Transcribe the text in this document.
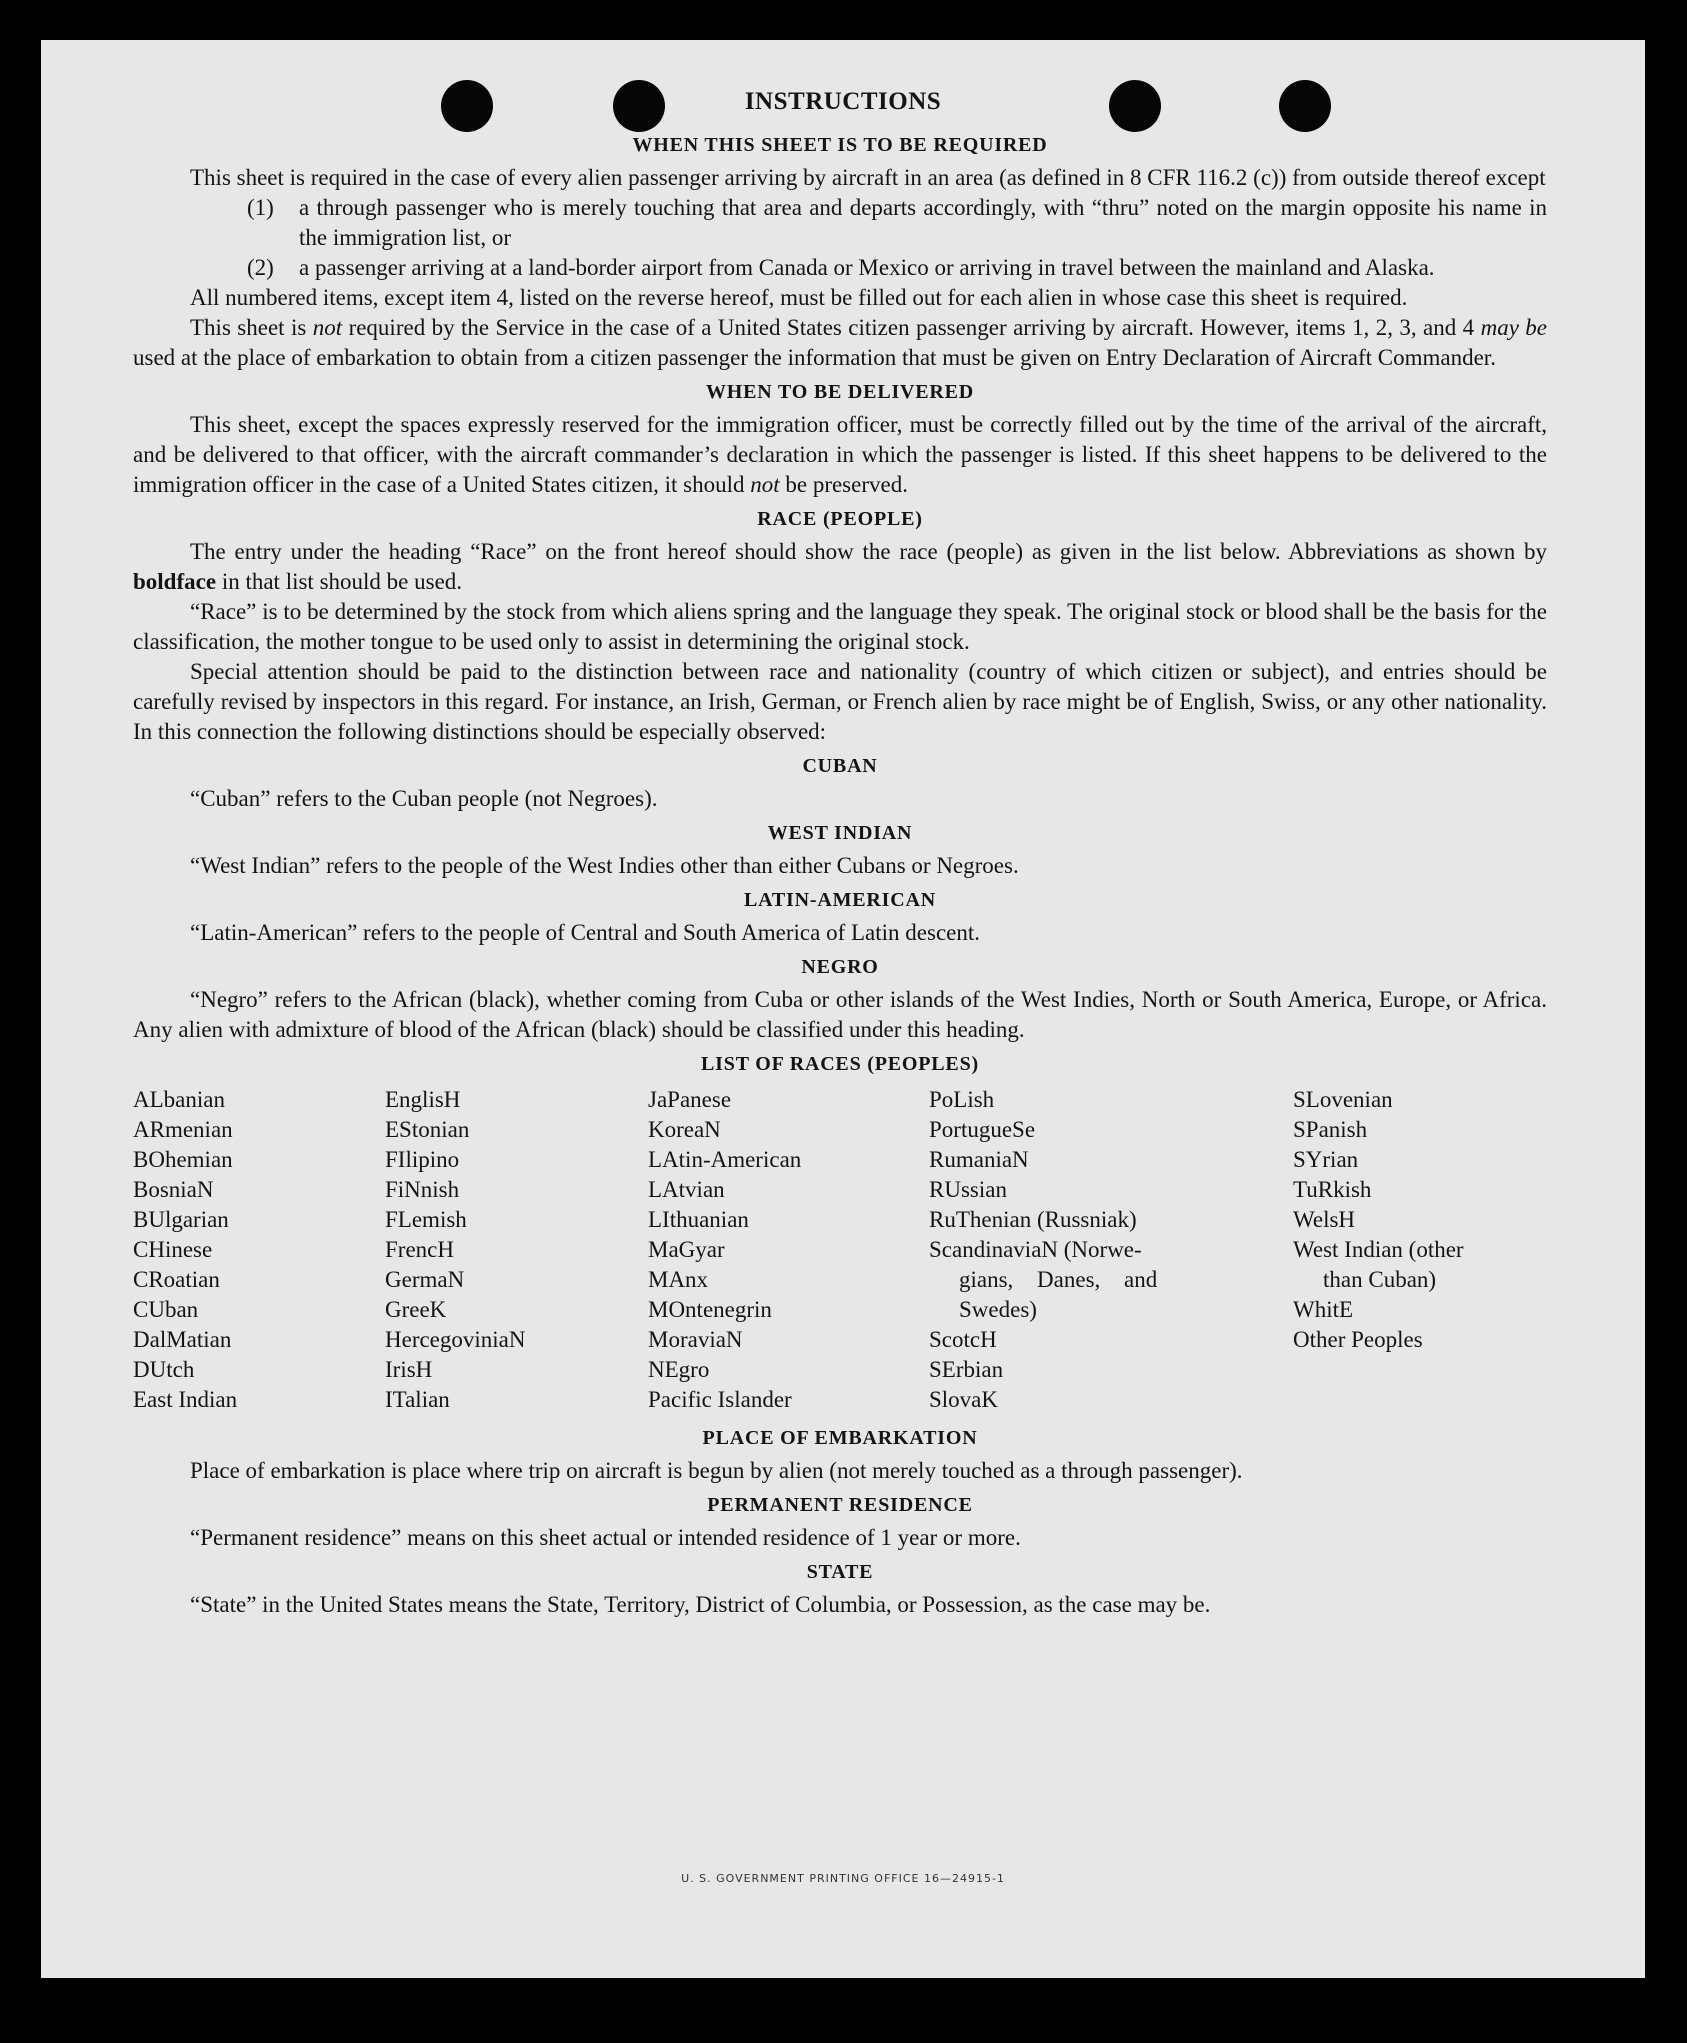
INSTRUCTIONS
WHEN THIS SHEET IS TO BE REQUIRED

This sheet is required in the case of every alien passenger arriving by aircraft in an area (as defined in 8 CFR 116.2 (c)) from outside thereof except

(1)	a through passenger who is merely touching that area and departs accordingly, with “thru” noted on the margin opposite his name in the immigration list, or
(2)	a passenger arriving at a land-border airport from Canada or Mexico or arriving in travel between the mainland and Alaska.

All numbered items, except item 4, listed on the reverse hereof, must be filled out for each alien in whose case this sheet is required.

This sheet is not required by the Service in the case of a United States citizen passenger arriving by aircraft. However, items 1, 2, 3, and 4 may be used at the place of embarkation to obtain from a citizen passenger the information that must be given on Entry Declaration of Aircraft Commander.

WHEN TO BE DELIVERED

This sheet, except the spaces expressly reserved for the immigration officer, must be correctly filled out by the time of the arrival of the aircraft, and be delivered to that officer, with the aircraft commander’s declaration in which the passenger is listed. If this sheet happens to be delivered to the immigration officer in the case of a United States citizen, it should not be preserved.

RACE (PEOPLE)

The entry under the heading “Race” on the front hereof should show the race (people) as given in the list below. Abbreviations as shown by boldface in that list should be used.

“Race” is to be determined by the stock from which aliens spring and the language they speak. The original stock or blood shall be the basis for the classification, the mother tongue to be used only to assist in determining the original stock.

Special attention should be paid to the distinction between race and nationality (country of which citizen or subject), and entries should be carefully revised by inspectors in this regard. For instance, an Irish, German, or French alien by race might be of English, Swiss, or any other nationality. In this connection the following distinctions should be especially observed:

CUBAN

“Cuban” refers to the Cuban people (not Negroes).

WEST INDIAN

“West Indian” refers to the people of the West Indies other than either Cubans or Negroes.

LATIN-AMERICAN

“Latin-American” refers to the people of Central and South America of Latin descent.

NEGRO

“Negro” refers to the African (black), whether coming from Cuba or other islands of the West Indies, North or South America, Europe, or Africa. Any alien with admixture of blood of the African (black) should be classified under this heading.

LIST OF RACES (PEOPLES)
ALbanian
ARmenian
BOhemian
BosniaN
BUlgarian
CHinese
CRoatian
CUban
DalMatian
DUtch
East Indian
EnglisH
EStonian
FIlipino
FiNnish
FLemish
FrencH
GermaN
GreeK
HercegoviniaN
IrisH
ITalian
JaPanese
KoreaN
LAtin-American
LAtvian
LIthuanian
MaGyar
MAnx
MOntenegrin
MoraviaN
NEgro
Pacific Islander
PoLish
PortugueSe
RumaniaN
RUssian
RuThenian (Russniak)
ScandinaviaN (Norwe-
gians, Danes, and
Swedes)
ScotcH
SErbian
SlovaK
SLovenian
SPanish
SYrian
TuRkish
WelsH
West Indian (other
than Cuban)
WhitE
Other Peoples
PLACE OF EMBARKATION

Place of embarkation is place where trip on aircraft is begun by alien (not merely touched as a through passenger).

PERMANENT RESIDENCE

“Permanent residence” means on this sheet actual or intended residence of 1 year or more.

STATE

“State” in the United States means the State, Territory, District of Columbia, or Possession, as the case may be.

U. S. GOVERNMENT PRINTING OFFICE 16—24915-1
